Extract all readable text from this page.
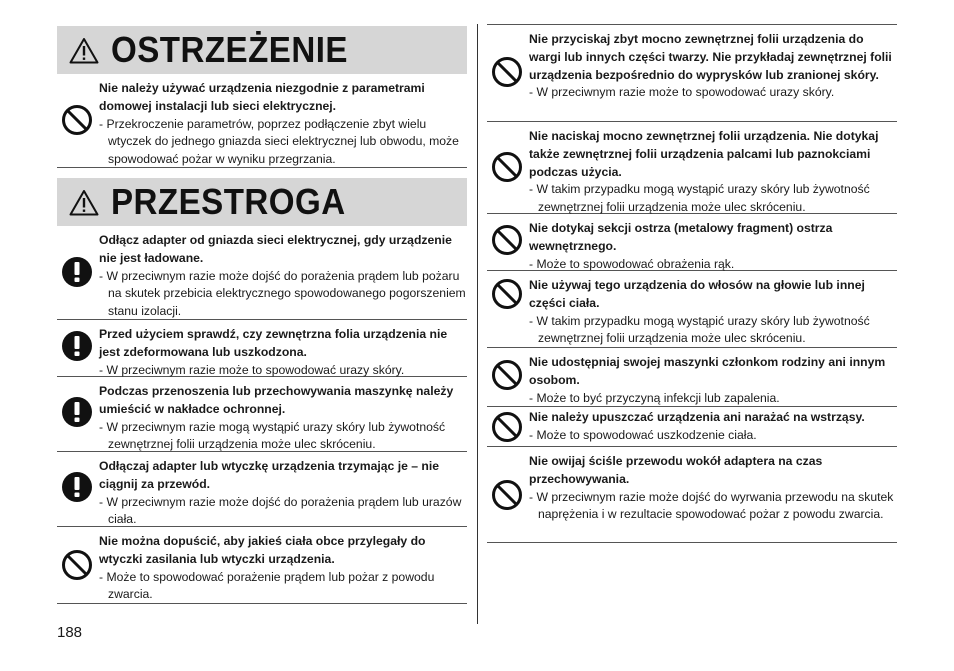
OSTRZEŻENIE
Nie należy używać urządzenia niezgodnie z parametrami domowej instalacji lub sieci elektrycznej.
- Przekroczenie parametrów, poprzez podłączenie zbyt wielu wtyczek do jednego gniazda sieci elektrycznej lub obwodu, może spowodować pożar w wyniku przegrzania.
PRZESTROGA
Odłącz adapter od gniazda sieci elektrycznej, gdy urządzenie nie jest ładowane.
- W przeciwnym razie może dojść do porażenia prądem lub pożaru na skutek przebicia elektrycznego spowodowanego pogorszeniem stanu izolacji.
Przed użyciem sprawdź, czy zewnętrzna folia urządzenia nie jest zdeformowana lub uszkodzona.
- W przeciwnym razie może to spowodować urazy skóry.
Podczas przenoszenia lub przechowywania maszynkę należy umieścić w nakładce ochronnej.
- W przeciwnym razie mogą wystąpić urazy skóry lub żywotność zewnętrznej folii urządzenia może ulec skróceniu.
Odłączaj adapter lub wtyczkę urządzenia trzymając je – nie ciągnij za przewód.
- W przeciwnym razie może dojść do porażenia prądem lub urazów ciała.
Nie można dopuścić, aby jakieś ciała obce przylegały do wtyczki zasilania lub wtyczki urządzenia.
- Może to spowodować porażenie prądem lub pożar z powodu zwarcia.
Nie przyciskaj zbyt mocno zewnętrznej folii urządzenia do wargi lub innych części twarzy. Nie przykładaj zewnętrznej folii urządzenia bezpośrednio do wyprysków lub zranionej skóry.
- W przeciwnym razie może to spowodować urazy skóry.
Nie naciskaj mocno zewnętrznej folii urządzenia. Nie dotykaj także zewnętrznej folii urządzenia palcami lub paznokciami podczas użycia.
- W takim przypadku mogą wystąpić urazy skóry lub żywotność zewnętrznej folii urządzenia może ulec skróceniu.
Nie dotykaj sekcji ostrza (metalowy fragment) ostrza wewnętrznego.
- Może to spowodować obrażenia rąk.
Nie używaj tego urządzenia do włosów na głowie lub innej części ciała.
- W takim przypadku mogą wystąpić urazy skóry lub żywotność zewnętrznej folii urządzenia może ulec skróceniu.
Nie udostępniaj swojej maszynki członkom rodziny ani innym osobom.
- Może to być przyczyną infekcji lub zapalenia.
Nie należy upuszczać urządzenia ani narażać na wstrząsy.
- Może to spowodować uszkodzenie ciała.
Nie owijaj ściśle przewodu wokół adaptera na czas przechowywania.
- W przeciwnym razie może dojść do wyrwania przewodu na skutek naprężenia i w rezultacie spowodować pożar z powodu zwarcia.
188
